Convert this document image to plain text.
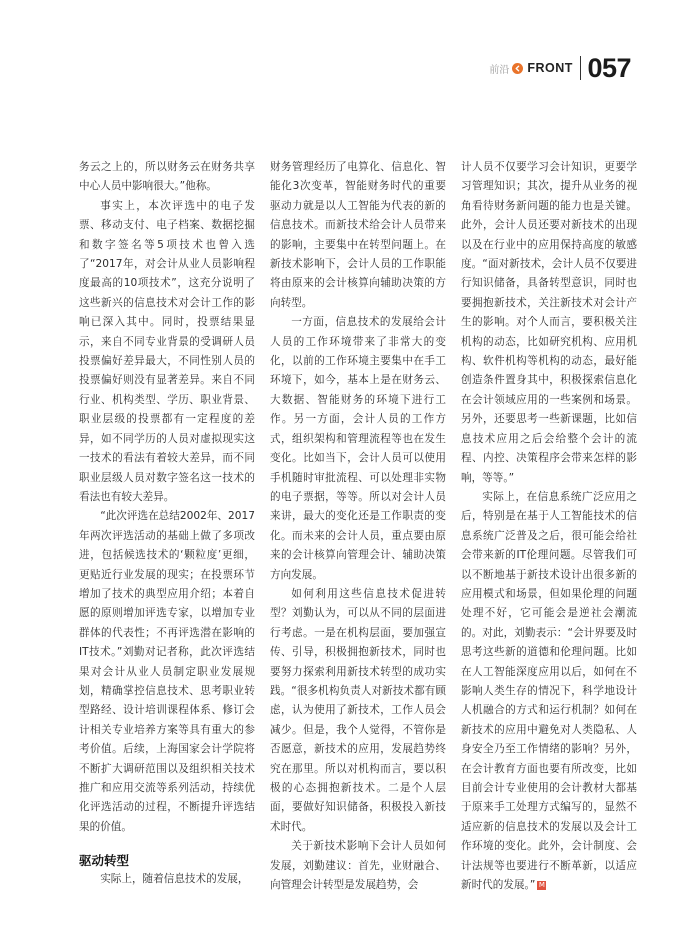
前沿 FRONT 057

务云之上的，所以财务云在财务共享中心人员中影响很大。”他称。

事实上，本次评选中的电子发票、移动支付、电子档案、数据挖掘和数字签名等5项技术也曾入选了“2017年，对会计从业人员影响程度最高的10项技术”，这充分说明了这些新兴的信息技术对会计工作的影响已深入其中。同时，投票结果显示，来自不同专业背景的受调研人员投票偏好差异最大，不同性别人员的投票偏好则没有显著差异。来自不同行业、机构类型、学历、职业背景、职业层级的投票都有一定程度的差异，如不同学历的人员对虚拟现实这一技术的看法有着较大差异，而不同职业层级人员对数字签名这一技术的看法也有较大差异。

“此次评选在总结2002年、2017年两次评选活动的基础上做了多项改进，包括候选技术的‘颗粒度’更细，更贴近行业发展的现实；在投票环节增加了技术的典型应用介绍；本着自愿的原则增加评选专家，以增加专业群体的代表性；不再评选潜在影响的IT技术。”刘勤对记者称，此次评选结果对会计从业人员制定职业发展规划，精确掌控信息技术、思考职业转型路经、设计培训课程体系、修订会计相关专业培养方案等具有重大的参考价值。后续，上海国家会计学院将不断扩大调研范围以及组织相关技术推广和应用交流等系列活动，持续优化评选活动的过程，不断提升评选结果的价值。

驱动转型

实际上，随着信息技术的发展，

财务管理经历了电算化、信息化、智能化3次变革，智能财务时代的重要驱动力就是以人工智能为代表的新的信息技术。而新技术给会计人员带来的影响，主要集中在转型问题上。在新技术影响下，会计人员的工作职能将由原来的会计核算向辅助决策的方向转型。

一方面，信息技术的发展给会计人员的工作环境带来了非常大的变化，以前的工作环境主要集中在手工环境下，如今，基本上是在财务云、大数据、智能财务的环境下进行工作。另一方面，会计人员的工作方式，组织架构和管理流程等也在发生变化。比如当下，会计人员可以使用手机随时审批流程、可以处理非实物的电子票据，等等。所以对会计人员来讲，最大的变化还是工作职责的变化。而未来的会计人员，重点要由原来的会计核算向管理会计、辅助决策方向发展。

如何利用这些信息技术促进转型？刘勤认为，可以从不同的层面进行考虑。一是在机构层面，要加强宣传、引导，积极拥抱新技术，同时也要努力探索利用新技术转型的成功实践。“很多机构负责人对新技术都有顾虑，认为使用了新技术，工作人员会减少。但是，我个人觉得，不管你是否愿意，新技术的应用，发展趋势终究在那里。所以对机构而言，要以积极的心态拥抱新技术。二是个人层面，要做好知识储备，积极投入新技术时代。

关于新技术影响下会计人员如何发展，刘勤建议：首先，业财融合、向管理会计转型是发展趋势，会

计人员不仅要学习会计知识，更要学习管理知识；其次，提升从业务的视角看待财务新问题的能力也是关键。此外，会计人员还要对新技术的出现以及在行业中的应用保持高度的敏感度。“面对新技术，会计人员不仅要进行知识储备，具备转型意识，同时也要拥抱新技术，关注新技术对会计产生的影响。对个人而言，要积极关注机构的动态，比如研究机构、应用机构、软件机构等机构的动态，最好能创造条件置身其中，积极探索信息化在会计领域应用的一些案例和场景。另外，还要思考一些新课题，比如信息技术应用之后会给整个会计的流程、内控、决策程序会带来怎样的影响，等等。”

实际上，在信息系统广泛应用之后，特别是在基于人工智能技术的信息系统广泛普及之后，很可能会给社会带来新的IT伦理问题。尽管我们可以不断地基于新技术设计出很多新的应用模式和场景，但如果伦理的问题处理不好，它可能会是逆社会潮流的。对此，刘勤表示：“会计界要及时思考这些新的道德和伦理问题。比如在人工智能深度应用以后，如何在不影响人类生存的情况下，科学地设计人机融合的方式和运行机制？如何在新技术的应用中避免对人类隐私、人身安全乃至工作情绪的影响？另外，在会计教育方面也要有所改变，比如目前会计专业使用的会计教材大都基于原来手工处理方式编写的，显然不适应新的信息技术的发展以及会计工作环境的变化。此外，会计制度、会计法规等也要进行不断革新，以适应新时代的发展。” M
